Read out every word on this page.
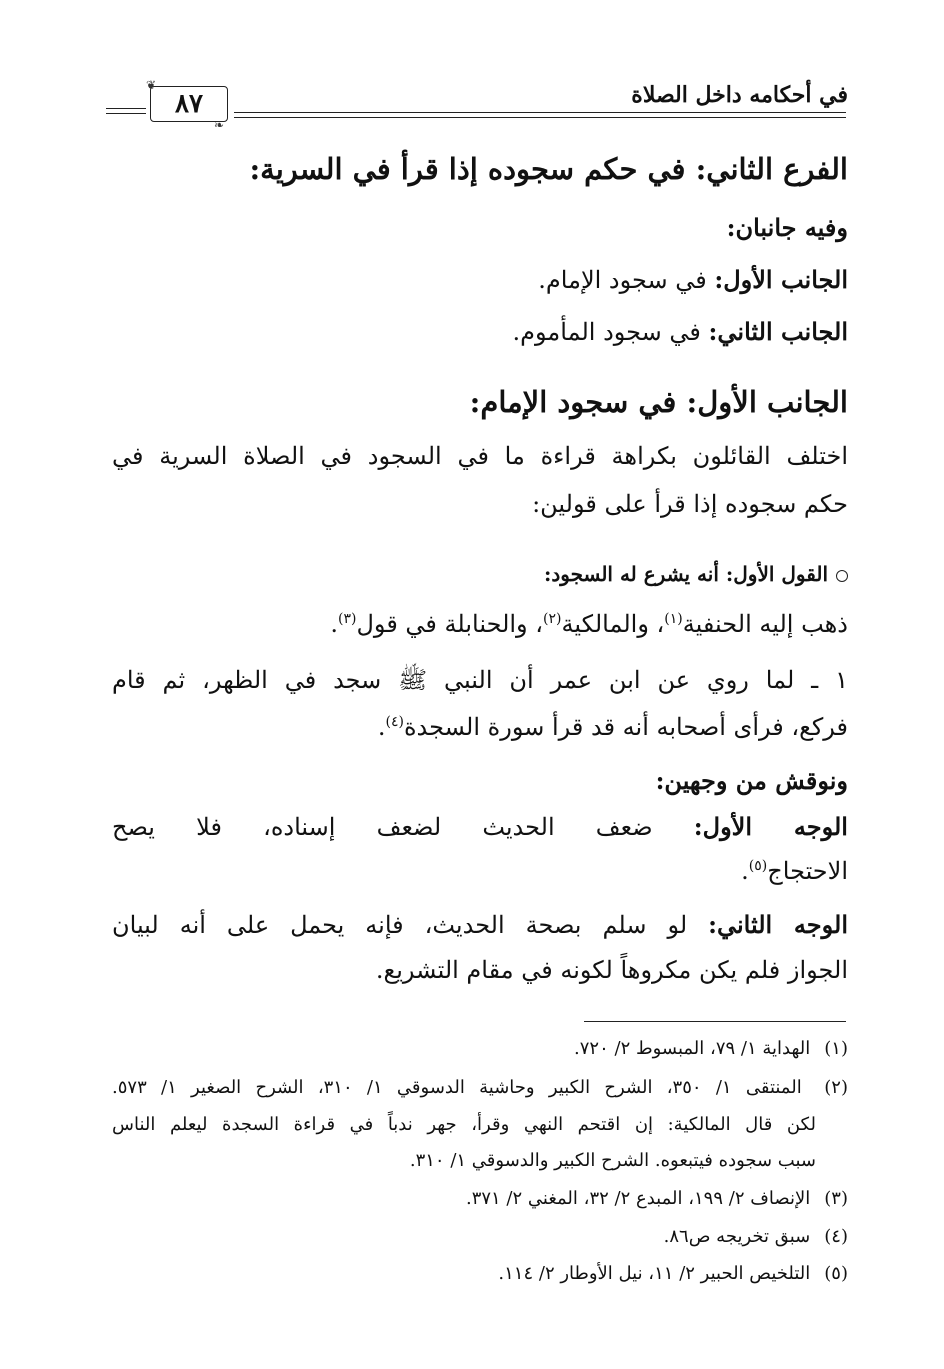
في أحكامه داخل الصلاة
٨٧
❦
❧
الفرع الثاني: في حكم سجوده إذا قرأ في السرية:
وفيه جانبان:
الجانب الأول: في سجود الإمام.
الجانب الثاني: في سجود المأموم.
الجانب الأول: في سجود الإمام:
اختلف القائلون بكراهة قراءة ما في السجود في الصلاة السرية في
حكم سجوده إذا قرأ على قولين:
القول الأول: أنه يشرع له السجود:
ذهب إليه الحنفية$^{(١)}$، والمالكية$^{(٢)}$، والحنابلة في قول$^{(٣)}$.
١ ـ لما روي عن ابن عمر أن النبي ﷺ سجد في الظهر، ثم قام
فركع، فرأى أصحابه أنه قد قرأ سورة السجدة$^{(٤)}$.
ونوقش من وجهين:
الوجه الأول: ضعف الحديث لضعف إسناده، فلا يصح
الاحتجاج$^{(٥)}$.
الوجه الثاني: لو سلم بصحة الحديث، فإنه يحمل على أنه لبيان
الجواز فلم يكن مكروهاً لكونه في مقام التشريع.
(١) الهداية ١/ ٧٩، المبسوط ٢/ ٧٢٠.
(٢) المنتقى ١/ ٣٥٠، الشرح الكبير وحاشية الدسوقي ١/ ٣١٠، الشرح الصغير ١/ ٥٧٣.
لكن قال المالكية: إن اقتحم النهي وقرأ، جهر ندباً في قراءة السجدة ليعلم الناس
سبب سجوده فيتبعوه. الشرح الكبير والدسوقي ١/ ٣١٠.
(٣) الإنصاف ٢/ ١٩٩، المبدع ٢/ ٣٢، المغني ٢/ ٣٧١.
(٤) سبق تخريجه ص٨٦.
(٥) التلخيص الحبير ٢/ ١١، نيل الأوطار ٢/ ١١٤.
